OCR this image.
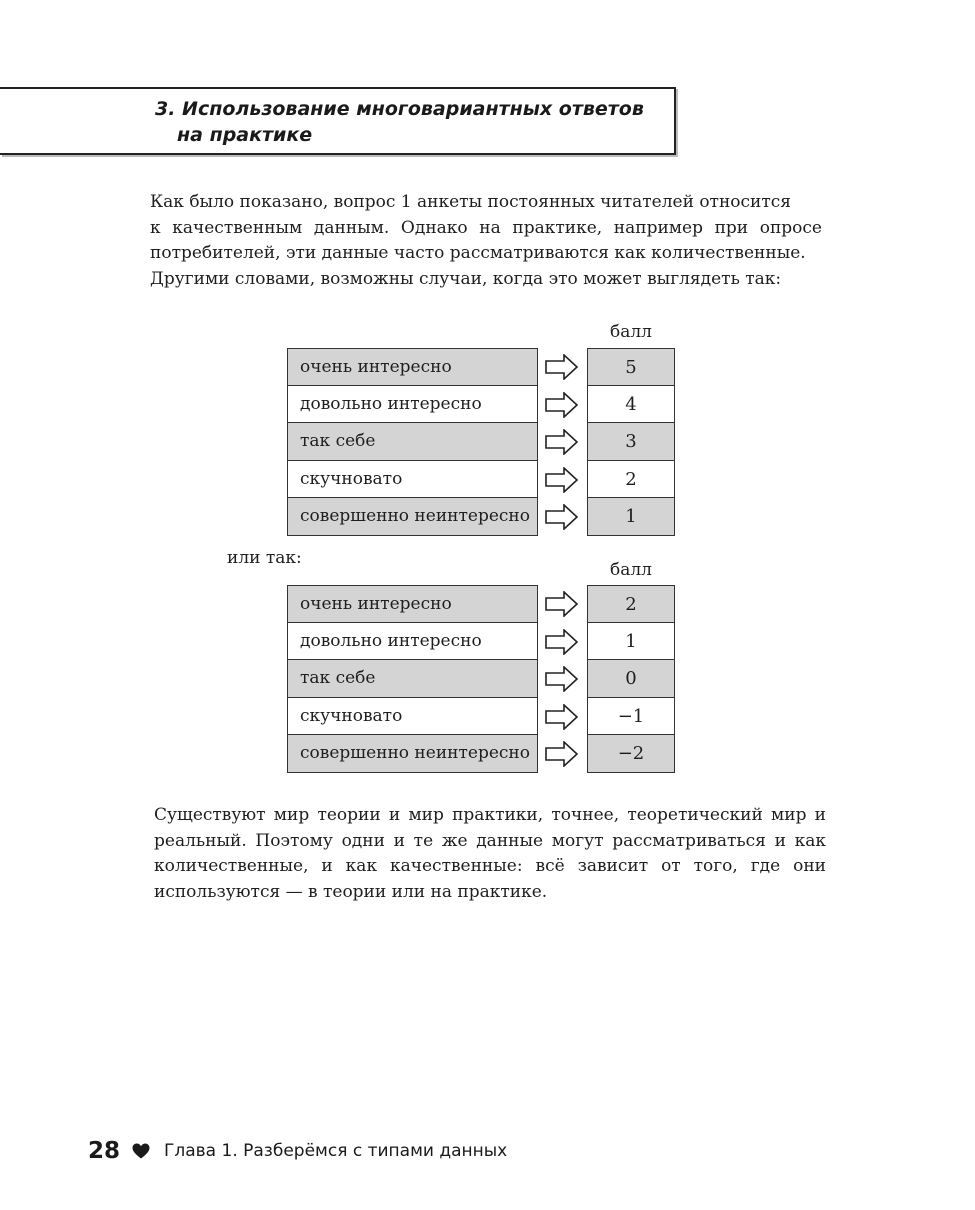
3. Использование многовариантных ответов
на практике
Как было показано, вопрос 1 анкеты постоянных читателей относится
к качественным данным. Однако на практике, например при опросе
потребителей, эти данные часто рассматриваются как количественные.
Другими словами, возможны случаи, когда это может выглядеть так:
балл
очень интересно	5
довольно интересно	4
так себе	3
скучновато	2
совершенно неинтересно	1
или так:
балл
очень интересно	2
довольно интересно	1
так себе	0
скучновато	−1
совершенно неинтересно	−2
Существуют мир теории и мир практики, точнее, теоретический мир и
реальный. Поэтому одни и те же данные могут рассматриваться и как
количественные, и как качественные: всё зависит от того, где они
используются — в теории или на практике.
28	Глава 1. Разберёмся с типами данных
